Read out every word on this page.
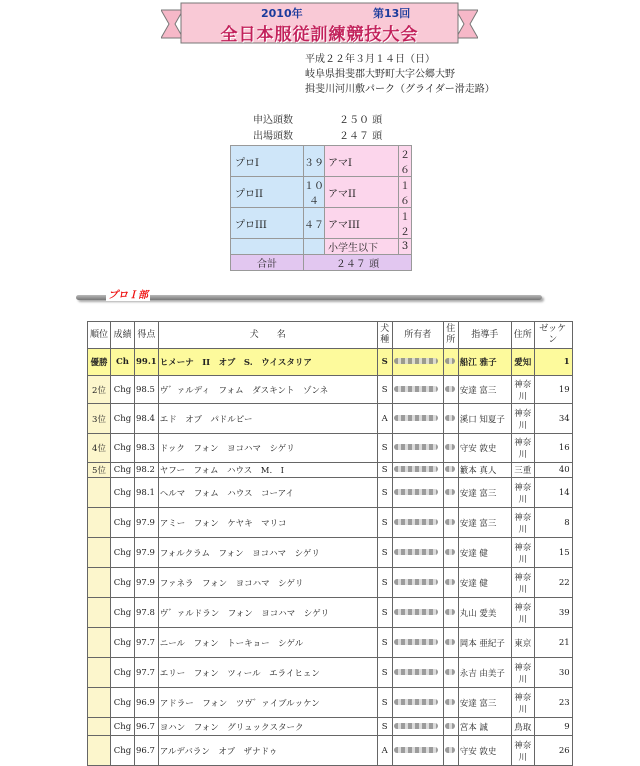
2010年	第13回
全日本服従訓練競技大会
平成２２年３月１４日（日）
岐阜県揖斐郡大野町大字公郷大野
揖斐川河川敷パーク（グライダー滑走路）
申込頭数	２５０ 頭
出場頭数	２４７ 頭
プロI	３９	アマI	２６
プロII	１０４	アマII	１６
プロIII	４７	アマIII	１２
		小学生以下	3
合計	２４７ 頭		
プロＩ部
順位	成績	得点	犬　　名	犬種	所有者	住所	指導手	住所	ゼッケン
優勝	Ch	99.1	ヒメーナ　II　オブ　S.　ウイスタリア	S			船江 雅子	愛知	1
2位	Chg	98.5	ヴ゛ァルディ　フォム　ダスキント　ゾンネ	S			安達 富三	神奈川	19
3位	Chg	98.4	エド　オブ　パドルピー	A			溪口 知夏子	神奈川	34
4位	Chg	98.3	ドック　フォン　ヨコハマ　シゲリ	S			守安 敦史	神奈川	16
5位	Chg	98.2	ヤフー　フォム　ハウス　M.　I	S			籔本 真人	三重	40
	Chg	98.1	ヘルマ　フォム　ハウス　コーアイ	S			安達 富三	神奈川	14
	Chg	97.9	アミー　フォン　ケヤキ　マリコ	S			安達 富三	神奈川	8
	Chg	97.9	フォルクラム　フォン　ヨコハマ　シゲリ	S			安達 健	神奈川	15
	Chg	97.9	ファネラ　フォン　ヨコハマ　シゲリ	S			安達 健	神奈川	22
	Chg	97.8	ヴ゛ァルドラン　フォン　ヨコハマ　シゲリ	S			丸山 愛美	神奈川	39
	Chg	97.7	ニール　フォン　トーキョー　シゲル	S			岡本 亜紀子	東京	21
	Chg	97.7	エリー　フォン　ツィール　エライヒェン	S			永吉 由美子	神奈川	30
	Chg	96.9	アドラー　フォン　ツヴ゛ァイブルッケン	S			安達 富三	神奈川	23
	Chg	96.7	ヨハン　フォン　グリュックスターク	S			宮本 誠	鳥取	9
	Chg	96.7	アルデバラン　オブ　ザナドゥ	A			守安 敦史	神奈川	26
